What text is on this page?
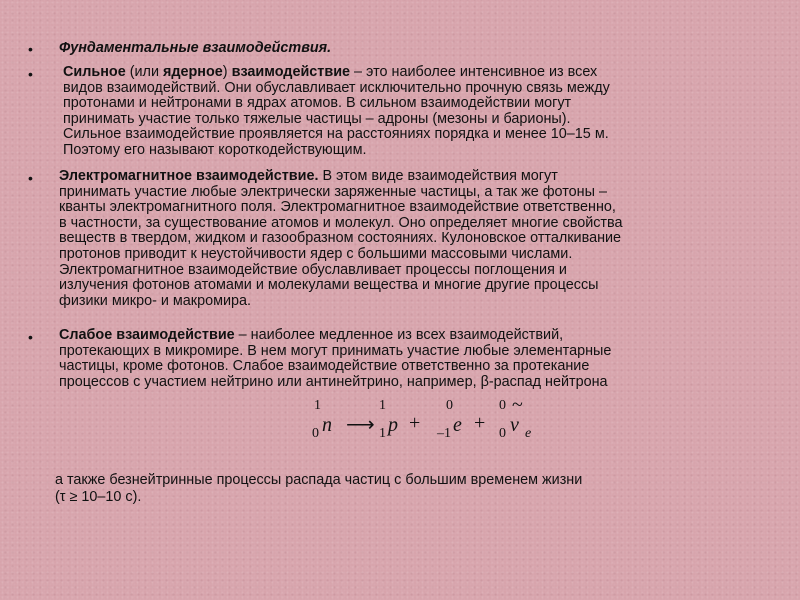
• Фундаментальные взаимодействия.
• Сильное (или ядерное) взаимодействие – это наиболее интенсивное из всех
видов взаимодействий. Они обуславливает исключительно прочную связь между
протонами и нейтронами в ядрах атомов. В сильном взаимодействии могут
принимать участие только тяжелые частицы – адроны (мезоны и барионы).
Сильное взаимодействие проявляется на расстояниях порядка и менее 10–15 м.
Поэтому его называют короткодействующим.
• Электромагнитное взаимодействие. В этом виде взаимодействия могут
принимать участие любые электрически заряженные частицы, а так же фотоны –
кванты электромагнитного поля. Электромагнитное взаимодействие ответственно,
в частности, за существование атомов и молекул. Оно определяет многие свойства
веществ в твердом, жидком и газообразном состояниях. Кулоновское отталкивание
протонов приводит к неустойчивости ядер с большими массовыми числами.
Электромагнитное взаимодействие обуславливает процессы поглощения и
излучения фотонов атомами и молекулами вещества и многие другие процессы
физики микро- и макромира.
• Слабое взаимодействие – наиболее медленное из всех взаимодействий,
протекающих в микромире. В нем могут принимать участие любые элементарные
частицы, кроме фотонов. Слабое взаимодействие ответственно за протекание
процессов с участием нейтрино или антинейтрино, например, β-распад нейтрона
1
0 n ⟶
1
1 p +
0
–1 e +
0
0
~
ν e
а также безнейтринные процессы распада частиц с большим временем жизни
(τ ≥ 10–10 с).
